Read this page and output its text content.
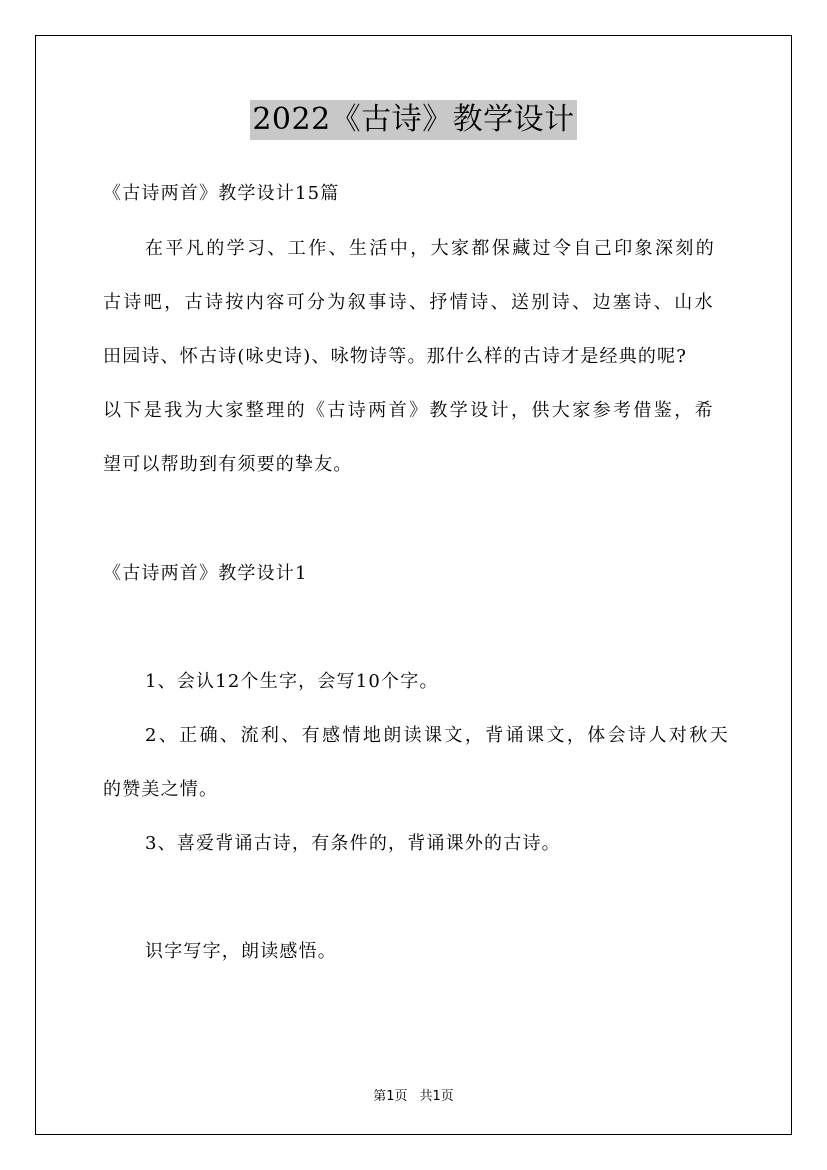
2022《古诗》教学设计
《古诗两首》教学设计15篇
在平凡的学习、工作、生活中，大家都保藏过令自己印象深刻的
古诗吧，古诗按内容可分为叙事诗、抒情诗、送别诗、边塞诗、山水
田园诗、怀古诗(咏史诗)、咏物诗等。那什么样的古诗才是经典的呢?
以下是我为大家整理的《古诗两首》教学设计，供大家参考借鉴，希
望可以帮助到有须要的挚友。
《古诗两首》教学设计1
1、会认12个生字，会写10个字。
2、正确、流利、有感情地朗读课文，背诵课文，体会诗人对秋天
的赞美之情。
3、喜爱背诵古诗，有条件的，背诵课外的古诗。
识字写字，朗读感悟。
第1页 共1页
